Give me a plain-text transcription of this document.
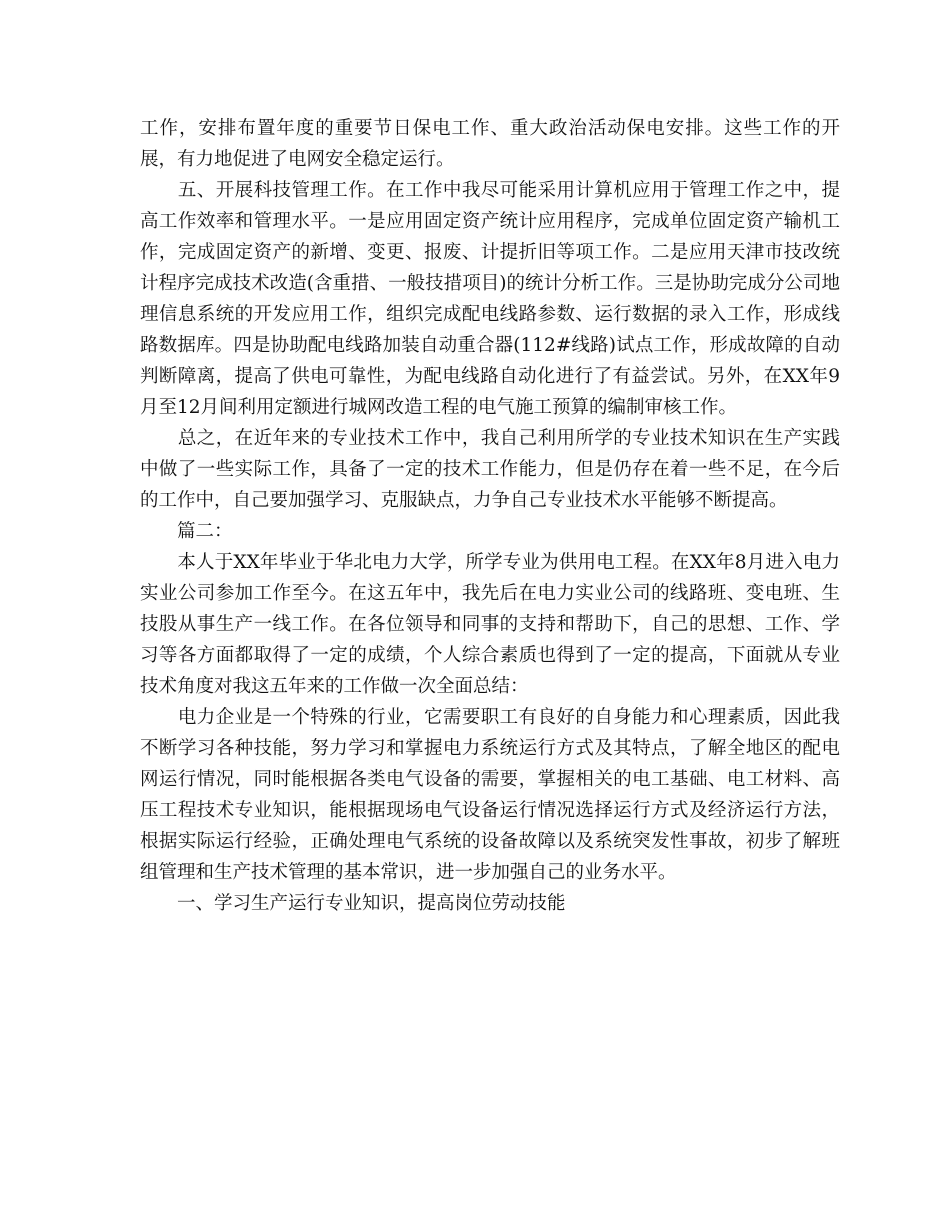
工作，安排布置年度的重要节日保电工作、重大政治活动保电安排。这些工作的开展，有力地促进了电网安全稳定运行。

　　五、开展科技管理工作。在工作中我尽可能采用计算机应用于管理工作之中，提高工作效率和管理水平。一是应用固定资产统计应用程序，完成单位固定资产输机工作，完成固定资产的新增、变更、报废、计提折旧等项工作。二是应用天津市技改统计程序完成技术改造(含重措、一般技措项目)的统计分析工作。三是协助完成分公司地理信息系统的开发应用工作，组织完成配电线路参数、运行数据的录入工作，形成线路数据库。四是协助配电线路加装自动重合器(112#线路)试点工作，形成故障的自动判断障离，提高了供电可靠性，为配电线路自动化进行了有益尝试。另外，在XX年9月至12月间利用定额进行城网改造工程的电气施工预算的编制审核工作。

　　总之，在近年来的专业技术工作中，我自己利用所学的专业技术知识在生产实践中做了一些实际工作，具备了一定的技术工作能力，但是仍存在着一些不足，在今后的工作中，自己要加强学习、克服缺点，力争自己专业技术水平能够不断提高。

　　篇二：

　　本人于XX年毕业于华北电力大学，所学专业为供用电工程。在XX年8月进入电力实业公司参加工作至今。在这五年中，我先后在电力实业公司的线路班、变电班、生技股从事生产一线工作。在各位领导和同事的支持和帮助下，自己的思想、工作、学习等各方面都取得了一定的成绩，个人综合素质也得到了一定的提高，下面就从专业技术角度对我这五年来的工作做一次全面总结：

　　电力企业是一个特殊的行业，它需要职工有良好的自身能力和心理素质，因此我不断学习各种技能，努力学习和掌握电力系统运行方式及其特点，了解全地区的配电网运行情况，同时能根据各类电气设备的需要，掌握相关的电工基础、电工材料、高压工程技术专业知识，能根据现场电气设备运行情况选择运行方式及经济运行方法，根据实际运行经验，正确处理电气系统的设备故障以及系统突发性事故，初步了解班组管理和生产技术管理的基本常识，进一步加强自己的业务水平。

　　一、学习生产运行专业知识，提高岗位劳动技能
